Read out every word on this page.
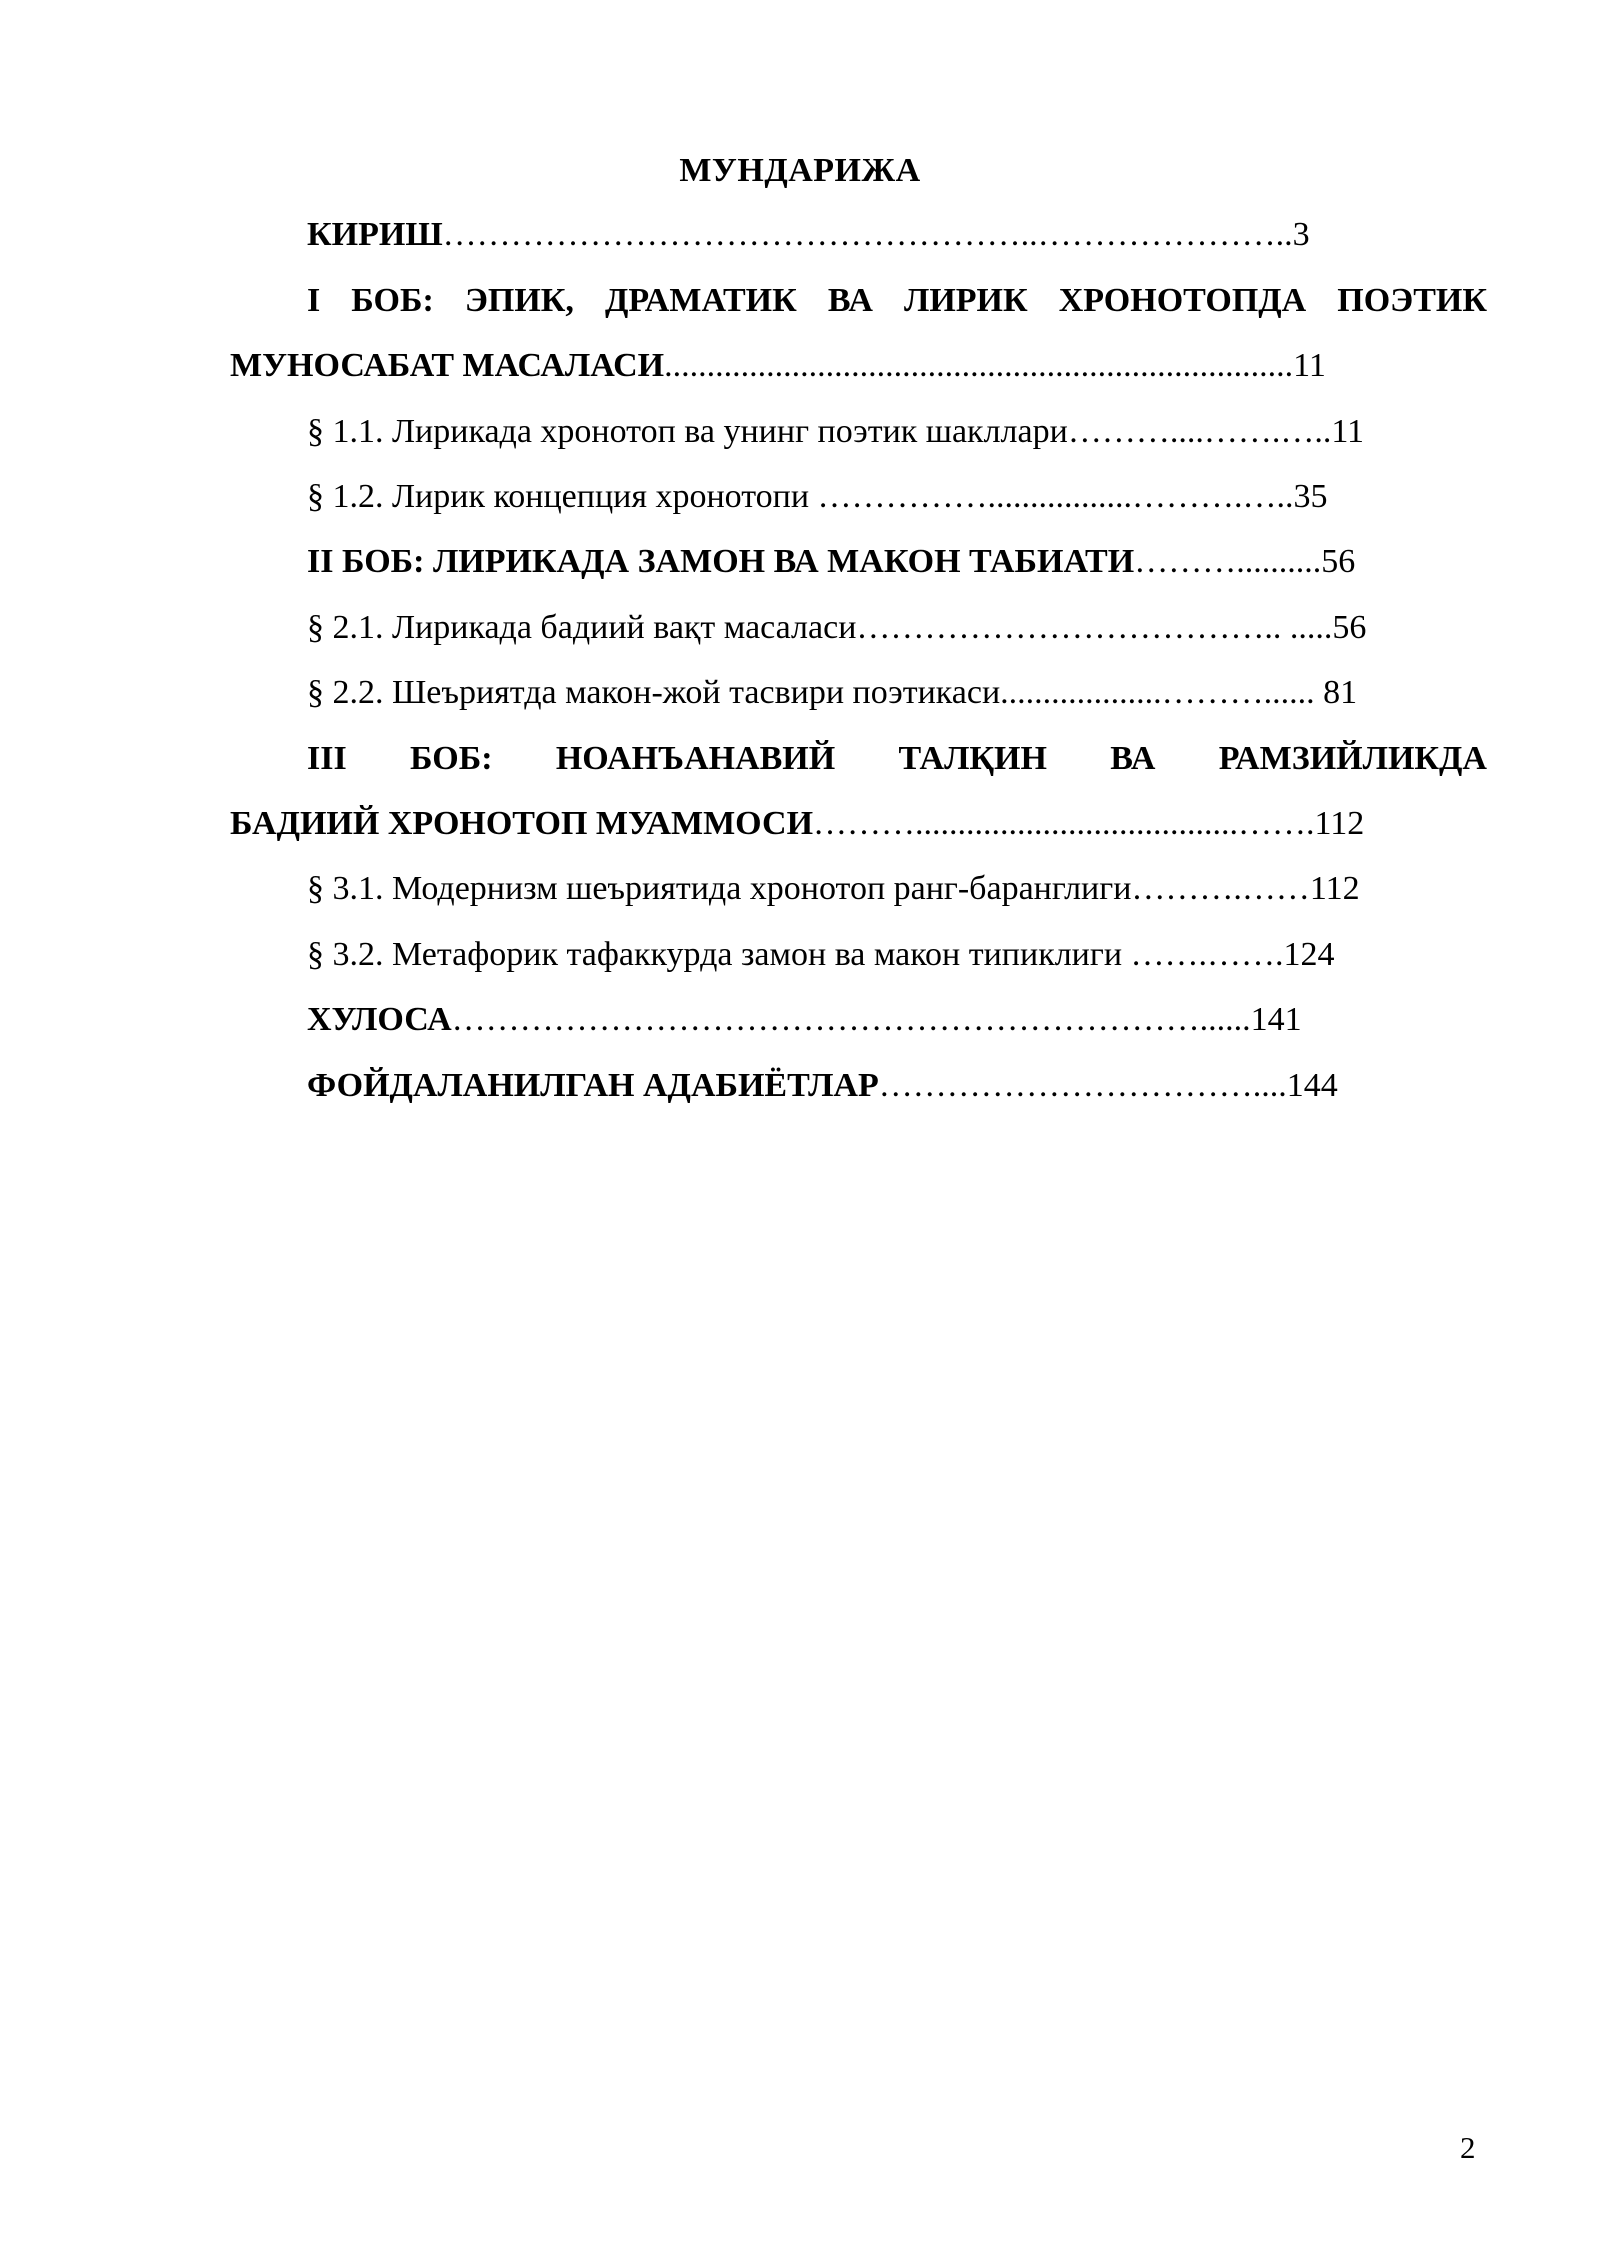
МУНДАРИЖА
КИРИШ……………………………………………..…………………..3
I БОБ: ЭПИК, ДРАМАТИК ВА ЛИРИК ХРОНОТОПДА ПОЭТИК
МУНОСАБАТ МАСАЛАСИ..........................................................................11
§ 1.1. Лирикада хронотоп ва унинг поэтик шакллари………....…….…..11
§ 1.2. Лирик концепция хронотопи …………….................……….…..35
II БОБ: ЛИРИКАДА ЗАМОН ВА МАКОН ТАБИАТИ………..........56
§ 2.1. Лирикада бадиий вақт масаласи……………………………….. .....56
§ 2.2. Шеъриятда макон-жой тасвири поэтикаси...................………...... 81
III БОБ: НОАНЪАНАВИЙ ТАЛҚИН ВА РАМЗИЙЛИКДА
БАДИИЙ ХРОНОТОП МУАММОСИ………......................................…….112
§ 3.1. Модернизм шеъриятида хронотоп ранг-баранглиги……….……112
§ 3.2. Метафорик тафаккурда замон ва макон типиклиги …….…….124
ХУЛОСА…………………………………………………………......141
ФОЙДАЛАНИЛГАН АДАБИЁТЛАР……………………………....144
2
